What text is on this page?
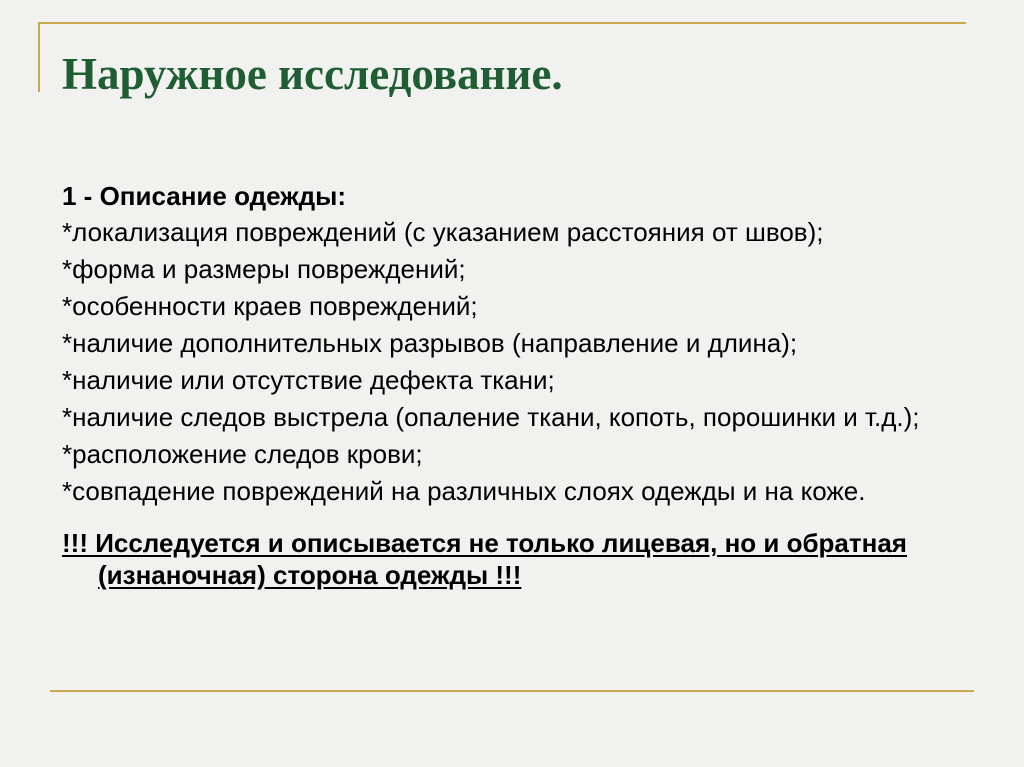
Наружное исследование.

1 - Описание одежды:

*локализация повреждений (с указанием расстояния от швов);
*форма и размеры повреждений;
*особенности краев повреждений;
*наличие дополнительных разрывов (направление и длина);
*наличие или отсутствие дефекта ткани;
*наличие следов выстрела (опаление ткани, копоть, порошинки и т.д.);
*расположение следов крови;
*совпадение повреждений на различных слоях одежды и на коже.

!!! Исследуется и описывается не только лицевая, но и обратная (изнаночная) сторона одежды !!!
